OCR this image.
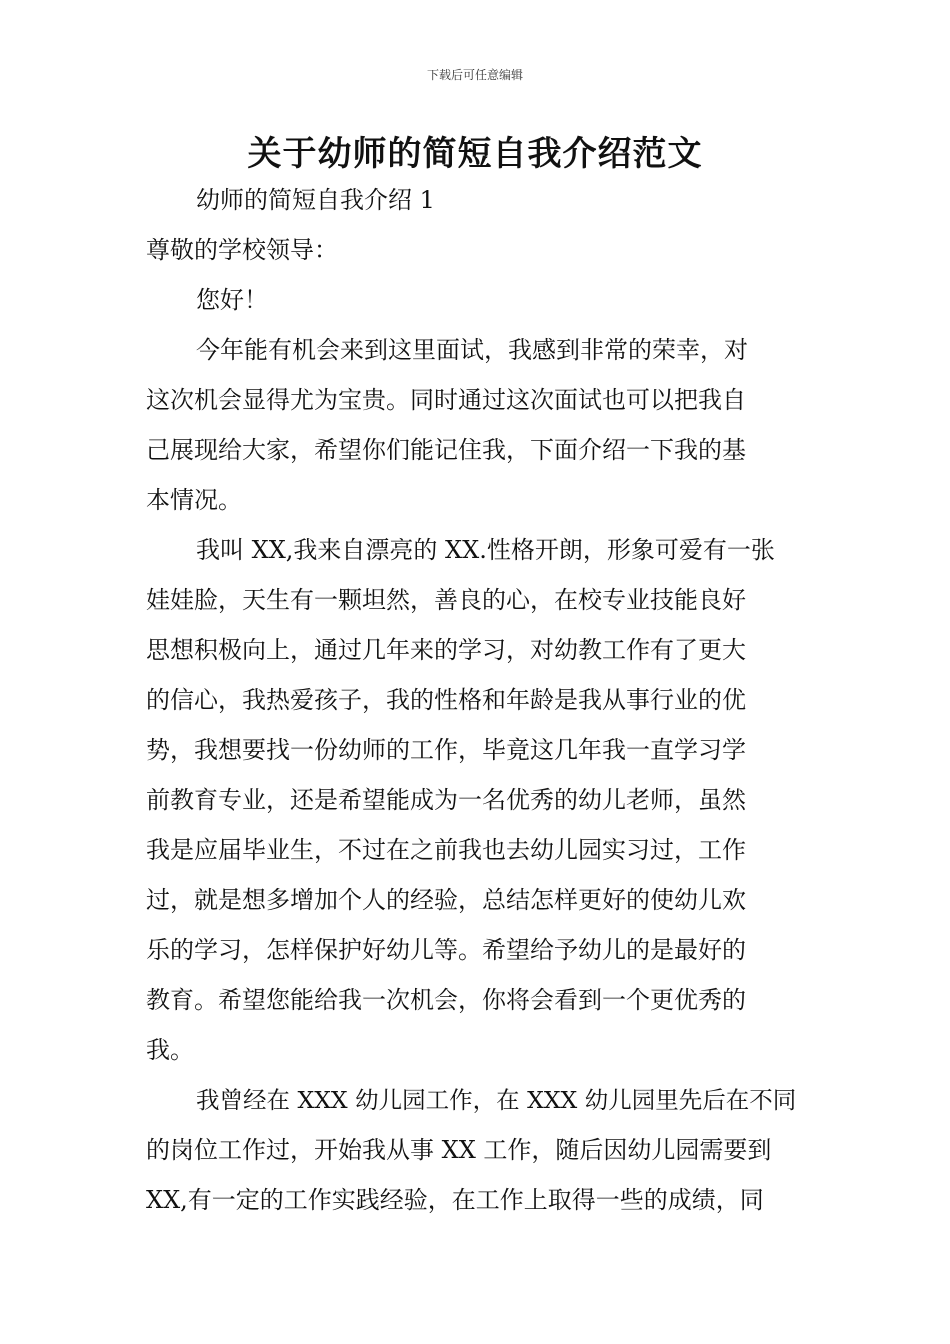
下载后可任意编辑
关于幼师的简短自我介绍范文
幼师的简短自我介绍 1
尊敬的学校领导：
您好！
今年能有机会来到这里面试，我感到非常的荣幸，对
这次机会显得尤为宝贵。同时通过这次面试也可以把我自
己展现给大家，希望你们能记住我，下面介绍一下我的基
本情况。
我叫 XX,我来自漂亮的 XX.性格开朗，形象可爱有一张
娃娃脸，天生有一颗坦然，善良的心，在校专业技能良好
思想积极向上，通过几年来的学习，对幼教工作有了更大
的信心，我热爱孩子，我的性格和年龄是我从事行业的优
势，我想要找一份幼师的工作，毕竟这几年我一直学习学
前教育专业，还是希望能成为一名优秀的幼儿老师，虽然
我是应届毕业生，不过在之前我也去幼儿园实习过，工作
过，就是想多增加个人的经验，总结怎样更好的使幼儿欢
乐的学习，怎样保护好幼儿等。希望给予幼儿的是最好的
教育。希望您能给我一次机会，你将会看到一个更优秀的
我。
我曾经在 XXX 幼儿园工作，在 XXX 幼儿园里先后在不同
的岗位工作过，开始我从事 XX 工作，随后因幼儿园需要到
XX,有一定的工作实践经验，在工作上取得一些的成绩，同
